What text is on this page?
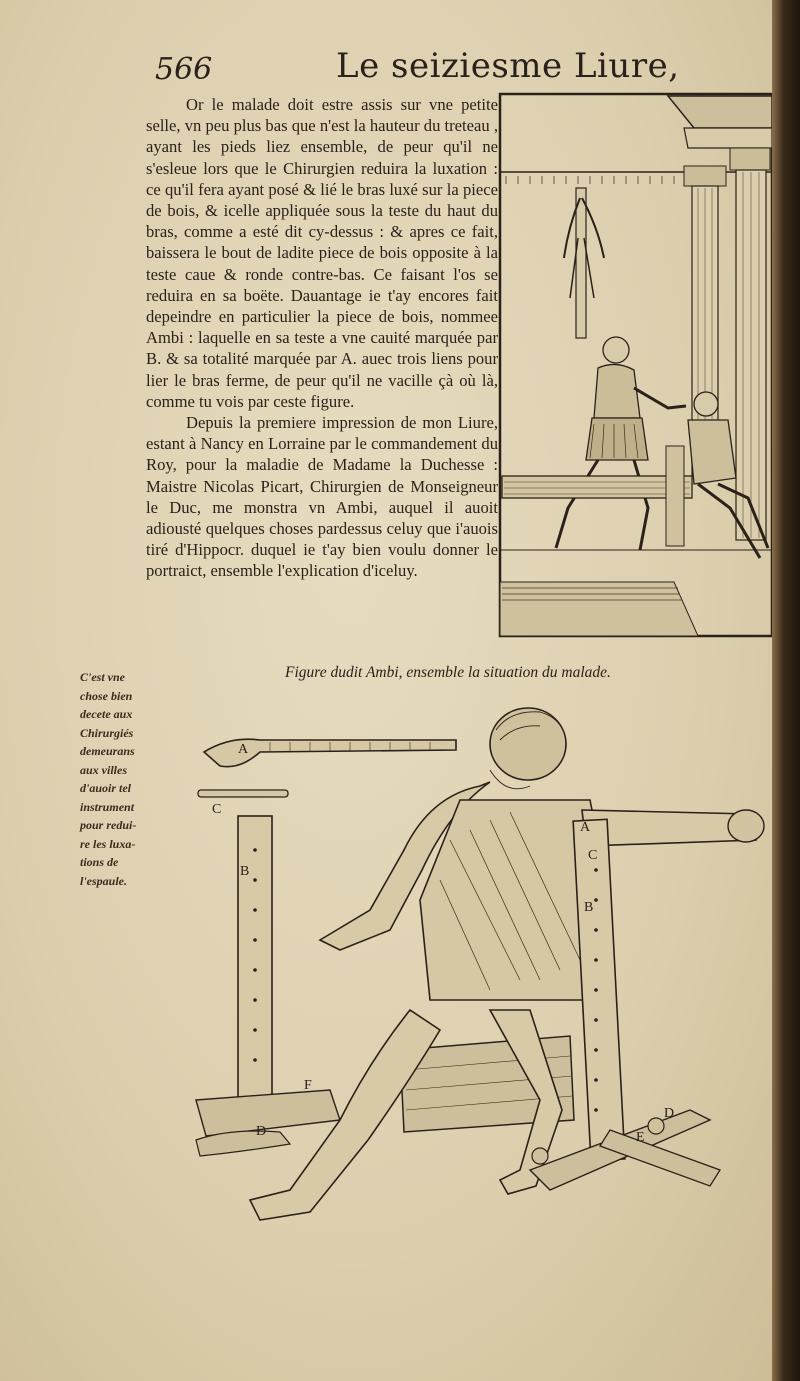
566	Le seiziesme Liure,

Or le malade doit estre assis sur vne petite selle, vn peu plus bas que n'est la hauteur du treteau , ayant les pieds liez ensemble, de peur qu'il ne s'esleue lors que le Chirurgien reduira la luxation : ce qu'il fera ayant posé & lié le bras luxé sur la piece de bois, & icelle appliquée sous la teste du haut du bras, comme a esté dit cy-dessus : & apres ce fait, baissera le bout de ladite piece de bois opposite à la teste caue & ronde contre-bas. Ce faisant l'os se reduira en sa boëte. Dauantage ie t'ay encores fait depeindre en particulier la piece de bois, nommee Ambi : laquelle en sa teste a vne cauité marquée par B. & sa totalité marquée par A. auec trois liens pour lier le bras ferme, de peur qu'il ne vacille çà où là, comme tu vois par ceste figure.

Depuis la premiere impression de mon Liure, estant à Nancy en Lorraine par le commandement du Roy, pour la maladie de Madame la Duchesse : Maistre Nicolas Picart, Chirurgien de Monseigneur le Duc, me monstra vn Ambi, auquel il auoit adiousté quelques choses pardessus celuy que i'auois tiré d'Hippocr. duquel ie t'ay bien voulu donner le portraict, ensemble l'explication d'iceluy.

Figure dudit Ambi, ensemble la situation du malade.
C'est vne
chose bien
decete aux
Chirurgiés
demeurans
aux villes
d'auoir tel
instrument
pour redui-
re les luxa-
tions de
l'espaule.
A
C
B
A
C
B
F
D
D
E
